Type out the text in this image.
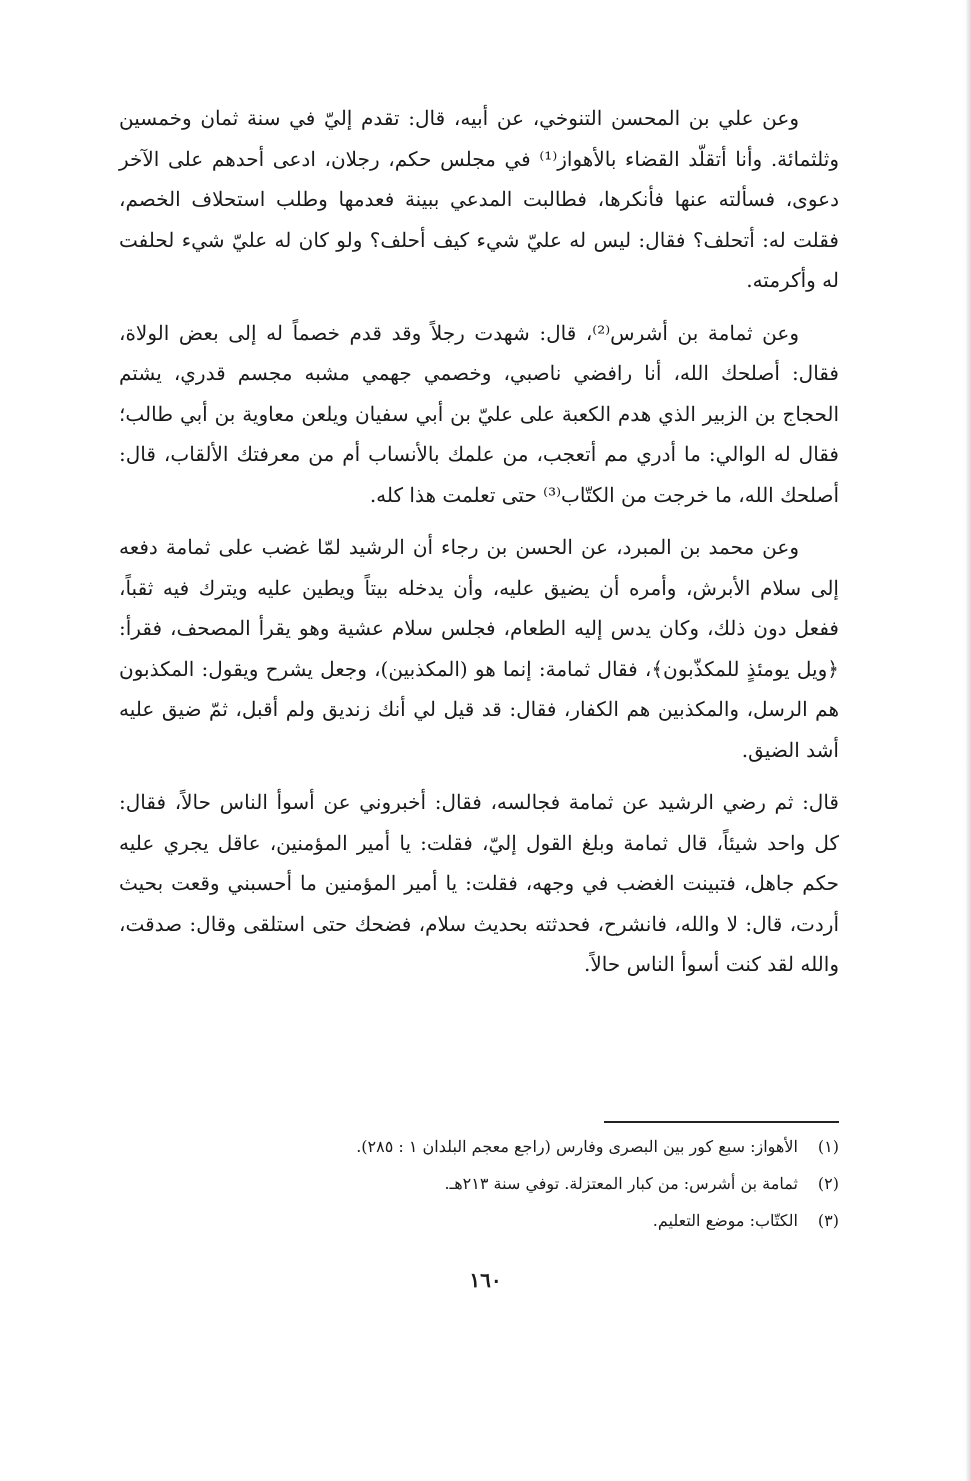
وعن علي بن المحسن التنوخي، عن أبيه، قال: تقدم إليّ في سنة ثمان وخمسين وثلثمائة. وأنا أتقلّد القضاء بالأهواز⁽¹⁾ في مجلس حكم، رجلان، ادعى أحدهم على الآخر دعوى، فسألته عنها فأنكرها، فطالبت المدعي ببينة فعدمها وطلب استحلاف الخصم، فقلت له: أتحلف؟ فقال: ليس له عليّ شيء كيف أحلف؟ ولو كان له عليّ شيء لحلفت له وأكرمته.

وعن ثمامة بن أشرس⁽²⁾، قال: شهدت رجلاً وقد قدم خصماً له إلى بعض الولاة، فقال: أصلحك الله، أنا رافضي ناصبي، وخصمي جهمي مشبه مجسم قدري، يشتم الحجاج بن الزبير الذي هدم الكعبة على عليّ بن أبي سفيان ويلعن معاوية بن أبي طالب؛ فقال له الوالي: ما أدري مم أتعجب، من علمك بالأنساب أم من معرفتك الألقاب، قال: أصلحك الله، ما خرجت من الكتّاب⁽³⁾ حتى تعلمت هذا كله.

وعن محمد بن المبرد، عن الحسن بن رجاء أن الرشيد لمّا غضب على ثمامة دفعه إلى سلام الأبرش، وأمره أن يضيق عليه، وأن يدخله بيتاً ويطين عليه ويترك فيه ثقباً، ففعل دون ذلك، وكان يدس إليه الطعام، فجلس سلام عشية وهو يقرأ المصحف، فقرأ: ﴿ويل يومئذٍ للمكذّبون﴾، فقال ثمامة: إنما هو (المكذبين)، وجعل يشرح ويقول: المكذبون هم الرسل، والمكذبين هم الكفار، فقال: قد قيل لي أنك زنديق ولم أقبل، ثمّ ضيق عليه أشد الضيق.

قال: ثم رضي الرشيد عن ثمامة فجالسه، فقال: أخبروني عن أسوأ الناس حالاً، فقال: كل واحد شيئاً، قال ثمامة وبلغ القول إليّ، فقلت: يا أمير المؤمنين، عاقل يجري عليه حكم جاهل، فتبينت الغضب في وجهه، فقلت: يا أمير المؤمنين ما أحسبني وقعت بحيث أردت، قال: لا والله، فانشرح، فحدثته بحديث سلام، فضحك حتى استلقى وقال: صدقت، والله لقد كنت أسوأ الناس حالاً.

(١) الأهواز: سبع كور بين البصرى وفارس (راجع معجم البلدان ١ : ٢٨٥).

(٢) ثمامة بن أشرس: من كبار المعتزلة. توفي سنة ٢١٣هـ.

(٣) الكتّاب: موضع التعليم.

١٦٠
